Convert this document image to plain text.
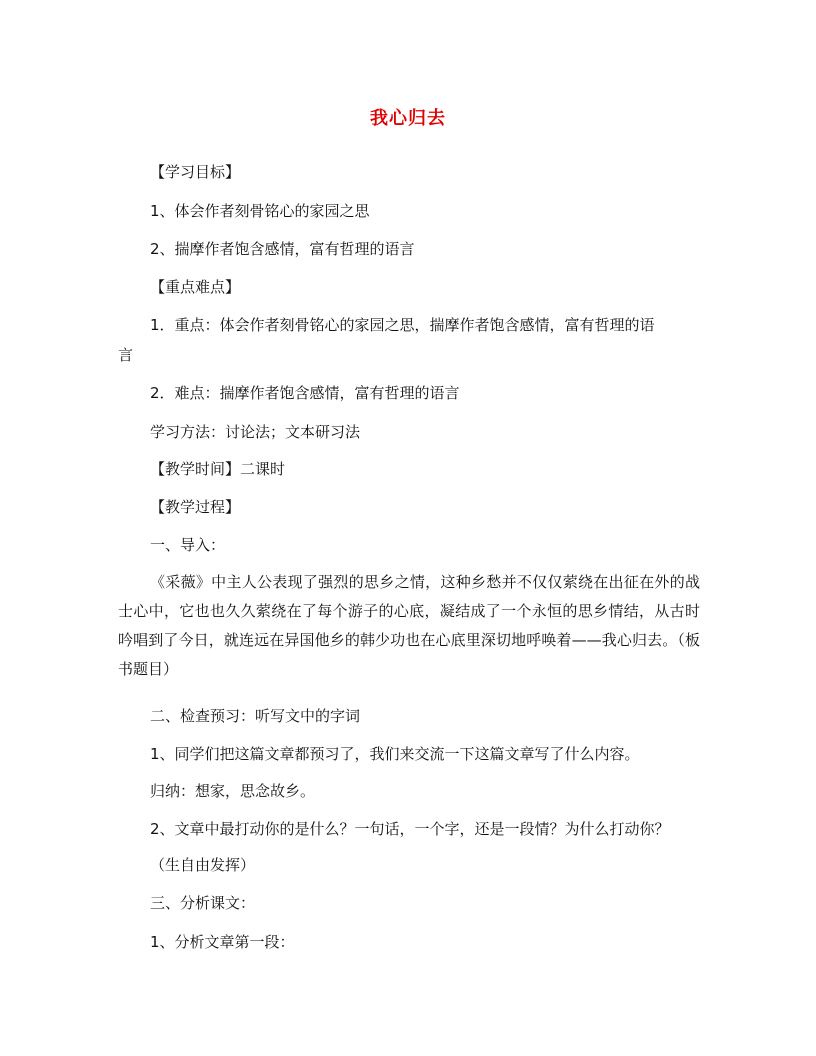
我心归去
【学习目标】
1、体会作者刻骨铭心的家园之思
2、揣摩作者饱含感情，富有哲理的语言
【重点难点】
1．重点：体会作者刻骨铭心的家园之思，揣摩作者饱含感情，富有哲理的语
言
2．难点：揣摩作者饱含感情，富有哲理的语言
学习方法：讨论法；文本研习法
【教学时间】二课时
【教学过程】
一、导入：
《采薇》中主人公表现了强烈的思乡之情，这种乡愁并不仅仅萦绕在出征在外的战士心中，它也也久久萦绕在了每个游子的心底，凝结成了一个永恒的思乡情结，从古时吟唱到了今日，就连远在异国他乡的韩少功也在心底里深切地呼唤着——我心归去。（板书题目）
二、检查预习：听写文中的字词
1、同学们把这篇文章都预习了，我们来交流一下这篇文章写了什么内容。
归纳：想家，思念故乡。
2、文章中最打动你的是什么？一句话，一个字，还是一段情？为什么打动你？
（生自由发挥）
三、分析课文：
1、分析文章第一段：
